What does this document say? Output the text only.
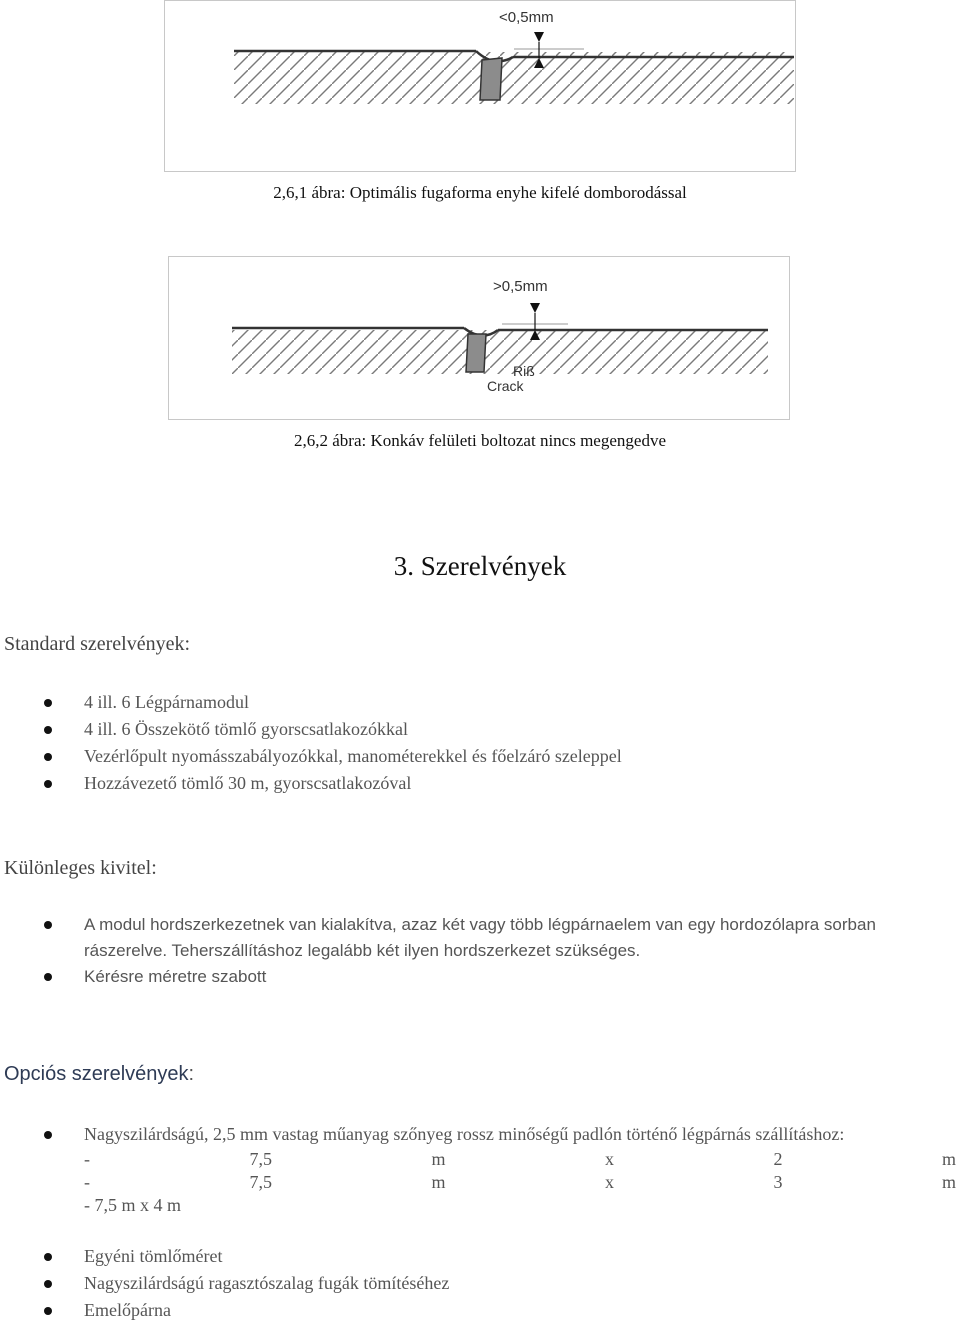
<0,5mm
2,6,1 ábra: Optimális fugaforma enyhe kifelé domborodással
>0,5mm
Riß
Crack
2,6,2 ábra: Konkáv felületi boltozat nincs megengedve
3. Szerelvények
Standard szerelvények:
4 ill. 6 Légpárnamodul
4 ill. 6 Összekötő tömlő gyorscsatlakozókkal
Vezérlőpult nyomásszabályozókkal, manométerekkel és főelzáró szeleppel
Hozzávezető tömlő 30 m, gyorscsatlakozóval
Különleges kivitel:
A modul hordszerkezetnek van kialakítva, azaz két vagy több légpárnaelem van egy hordozólapra sorban
rászerelve. Teherszállításhoz legalább két ilyen hordszerkezet szükséges.
Kérésre méretre szabott
Opciós szerelvények:
Nagyszilárdságú, 2,5 mm vastag műanyag szőnyeg rossz minőségű padlón történő légpárnás szállításhoz:
-	7,5	m	x	2	m
-	7,5	m	x	3	m
- 7,5 m x 4 m
Egyéni tömlőméret
Nagyszilárdságú ragasztószalag fugák tömítéséhez
Emelőpárna
